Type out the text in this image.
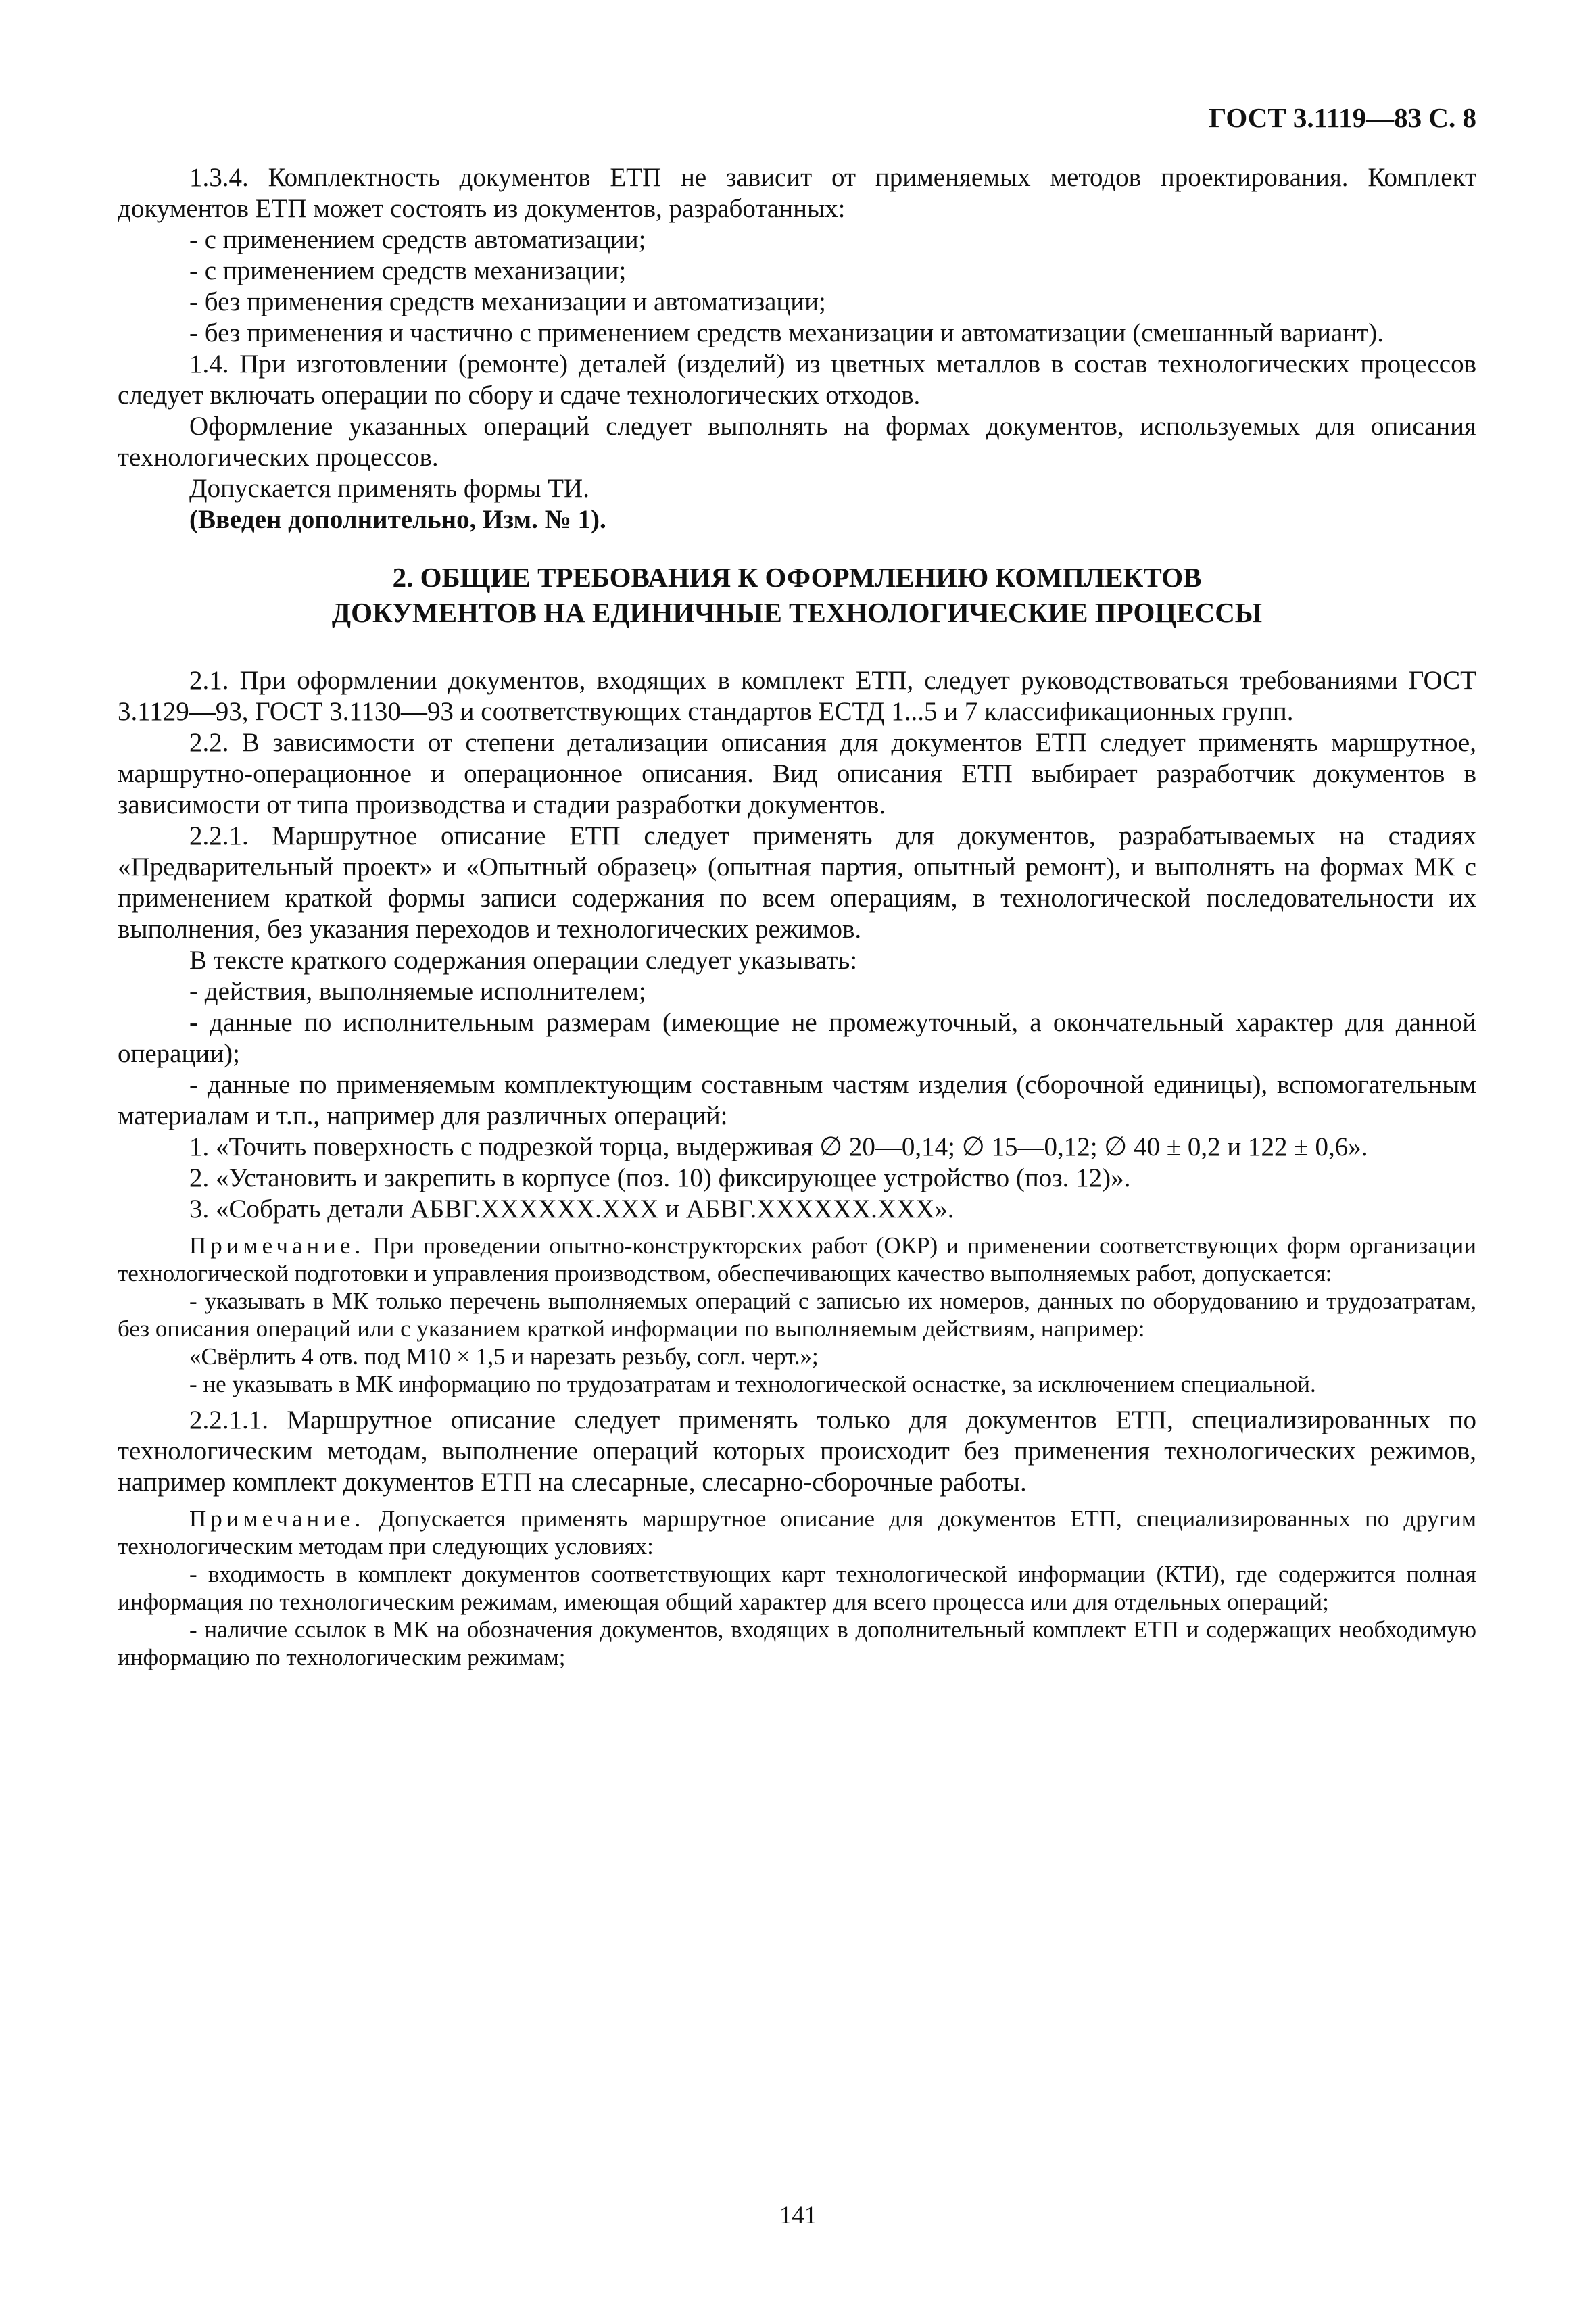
ГОСТ 3.1119—83 С. 8

1.3.4. Комплектность документов ЕТП не зависит от применяемых методов проектирования. Комплект документов ЕТП может состоять из документов, разработанных:

- с применением средств автоматизации;

- с применением средств механизации;

- без применения средств механизации и автоматизации;

- без применения и частично с применением средств механизации и автоматизации (смешанный вариант).

1.4. При изготовлении (ремонте) деталей (изделий) из цветных металлов в состав технологических процессов следует включать операции по сбору и сдаче технологических отходов.

Оформление указанных операций следует выполнять на формах документов, используемых для описания технологических процессов.

Допускается применять формы ТИ.

(Введен дополнительно, Изм. № 1).

2. ОБЩИЕ ТРЕБОВАНИЯ К ОФОРМЛЕНИЮ КОМПЛЕКТОВ
ДОКУМЕНТОВ НА ЕДИНИЧНЫЕ ТЕХНОЛОГИЧЕСКИЕ ПРОЦЕССЫ

2.1. При оформлении документов, входящих в комплект ЕТП, следует руководствоваться требованиями ГОСТ 3.1129—93, ГОСТ 3.1130—93 и соответствующих стандартов ЕСТД 1...5 и 7 классификационных групп.

2.2. В зависимости от степени детализации описания для документов ЕТП следует применять маршрутное, маршрутно-операционное и операционное описания. Вид описания ЕТП выбирает разработчик документов в зависимости от типа производства и стадии разработки документов.

2.2.1. Маршрутное описание ЕТП следует применять для документов, разрабатываемых на стадиях «Предварительный проект» и «Опытный образец» (опытная партия, опытный ремонт), и выполнять на формах МК с применением краткой формы записи содержания по всем операциям, в технологической последовательности их выполнения, без указания переходов и технологических режимов.

В тексте краткого содержания операции следует указывать:

- действия, выполняемые исполнителем;

- данные по исполнительным размерам (имеющие не промежуточный, а окончательный характер для данной операции);

- данные по применяемым комплектующим составным частям изделия (сборочной единицы), вспомогательным материалам и т.п., например для различных операций:

1. «Точить поверхность с подрезкой торца, выдерживая ∅ 20—0,14; ∅ 15—0,12; ∅ 40 ± 0,2 и 122 ± 0,6».

2. «Установить и закрепить в корпусе (поз. 10) фиксирующее устройство (поз. 12)».

3. «Собрать детали АБВГ.XXXXXX.XXX и АБВГ.XXXXXX.XXX».

Примечание. При проведении опытно-конструкторских работ (ОКР) и применении соответствующих форм организации технологической подготовки и управления производством, обеспечивающих качество выполняемых работ, допускается:

- указывать в МК только перечень выполняемых операций с записью их номеров, данных по оборудованию и трудозатратам, без описания операций или с указанием краткой информации по выполняемым действиям, например:

«Свёрлить 4 отв. под М10 × 1,5 и нарезать резьбу, согл. черт.»;

- не указывать в МК информацию по трудозатратам и технологической оснастке, за исключением специальной.

2.2.1.1. Маршрутное описание следует применять только для документов ЕТП, специализированных по технологическим методам, выполнение операций которых происходит без применения технологических режимов, например комплект документов ЕТП на слесарные, слесарно-сборочные работы.

Примечание. Допускается применять маршрутное описание для документов ЕТП, специализированных по другим технологическим методам при следующих условиях:

- входимость в комплект документов соответствующих карт технологической информации (КТИ), где содержится полная информация по технологическим режимам, имеющая общий характер для всего процесса или для отдельных операций;

- наличие ссылок в МК на обозначения документов, входящих в дополнительный комплект ЕТП и содержащих необходимую информацию по технологическим режимам;

141
